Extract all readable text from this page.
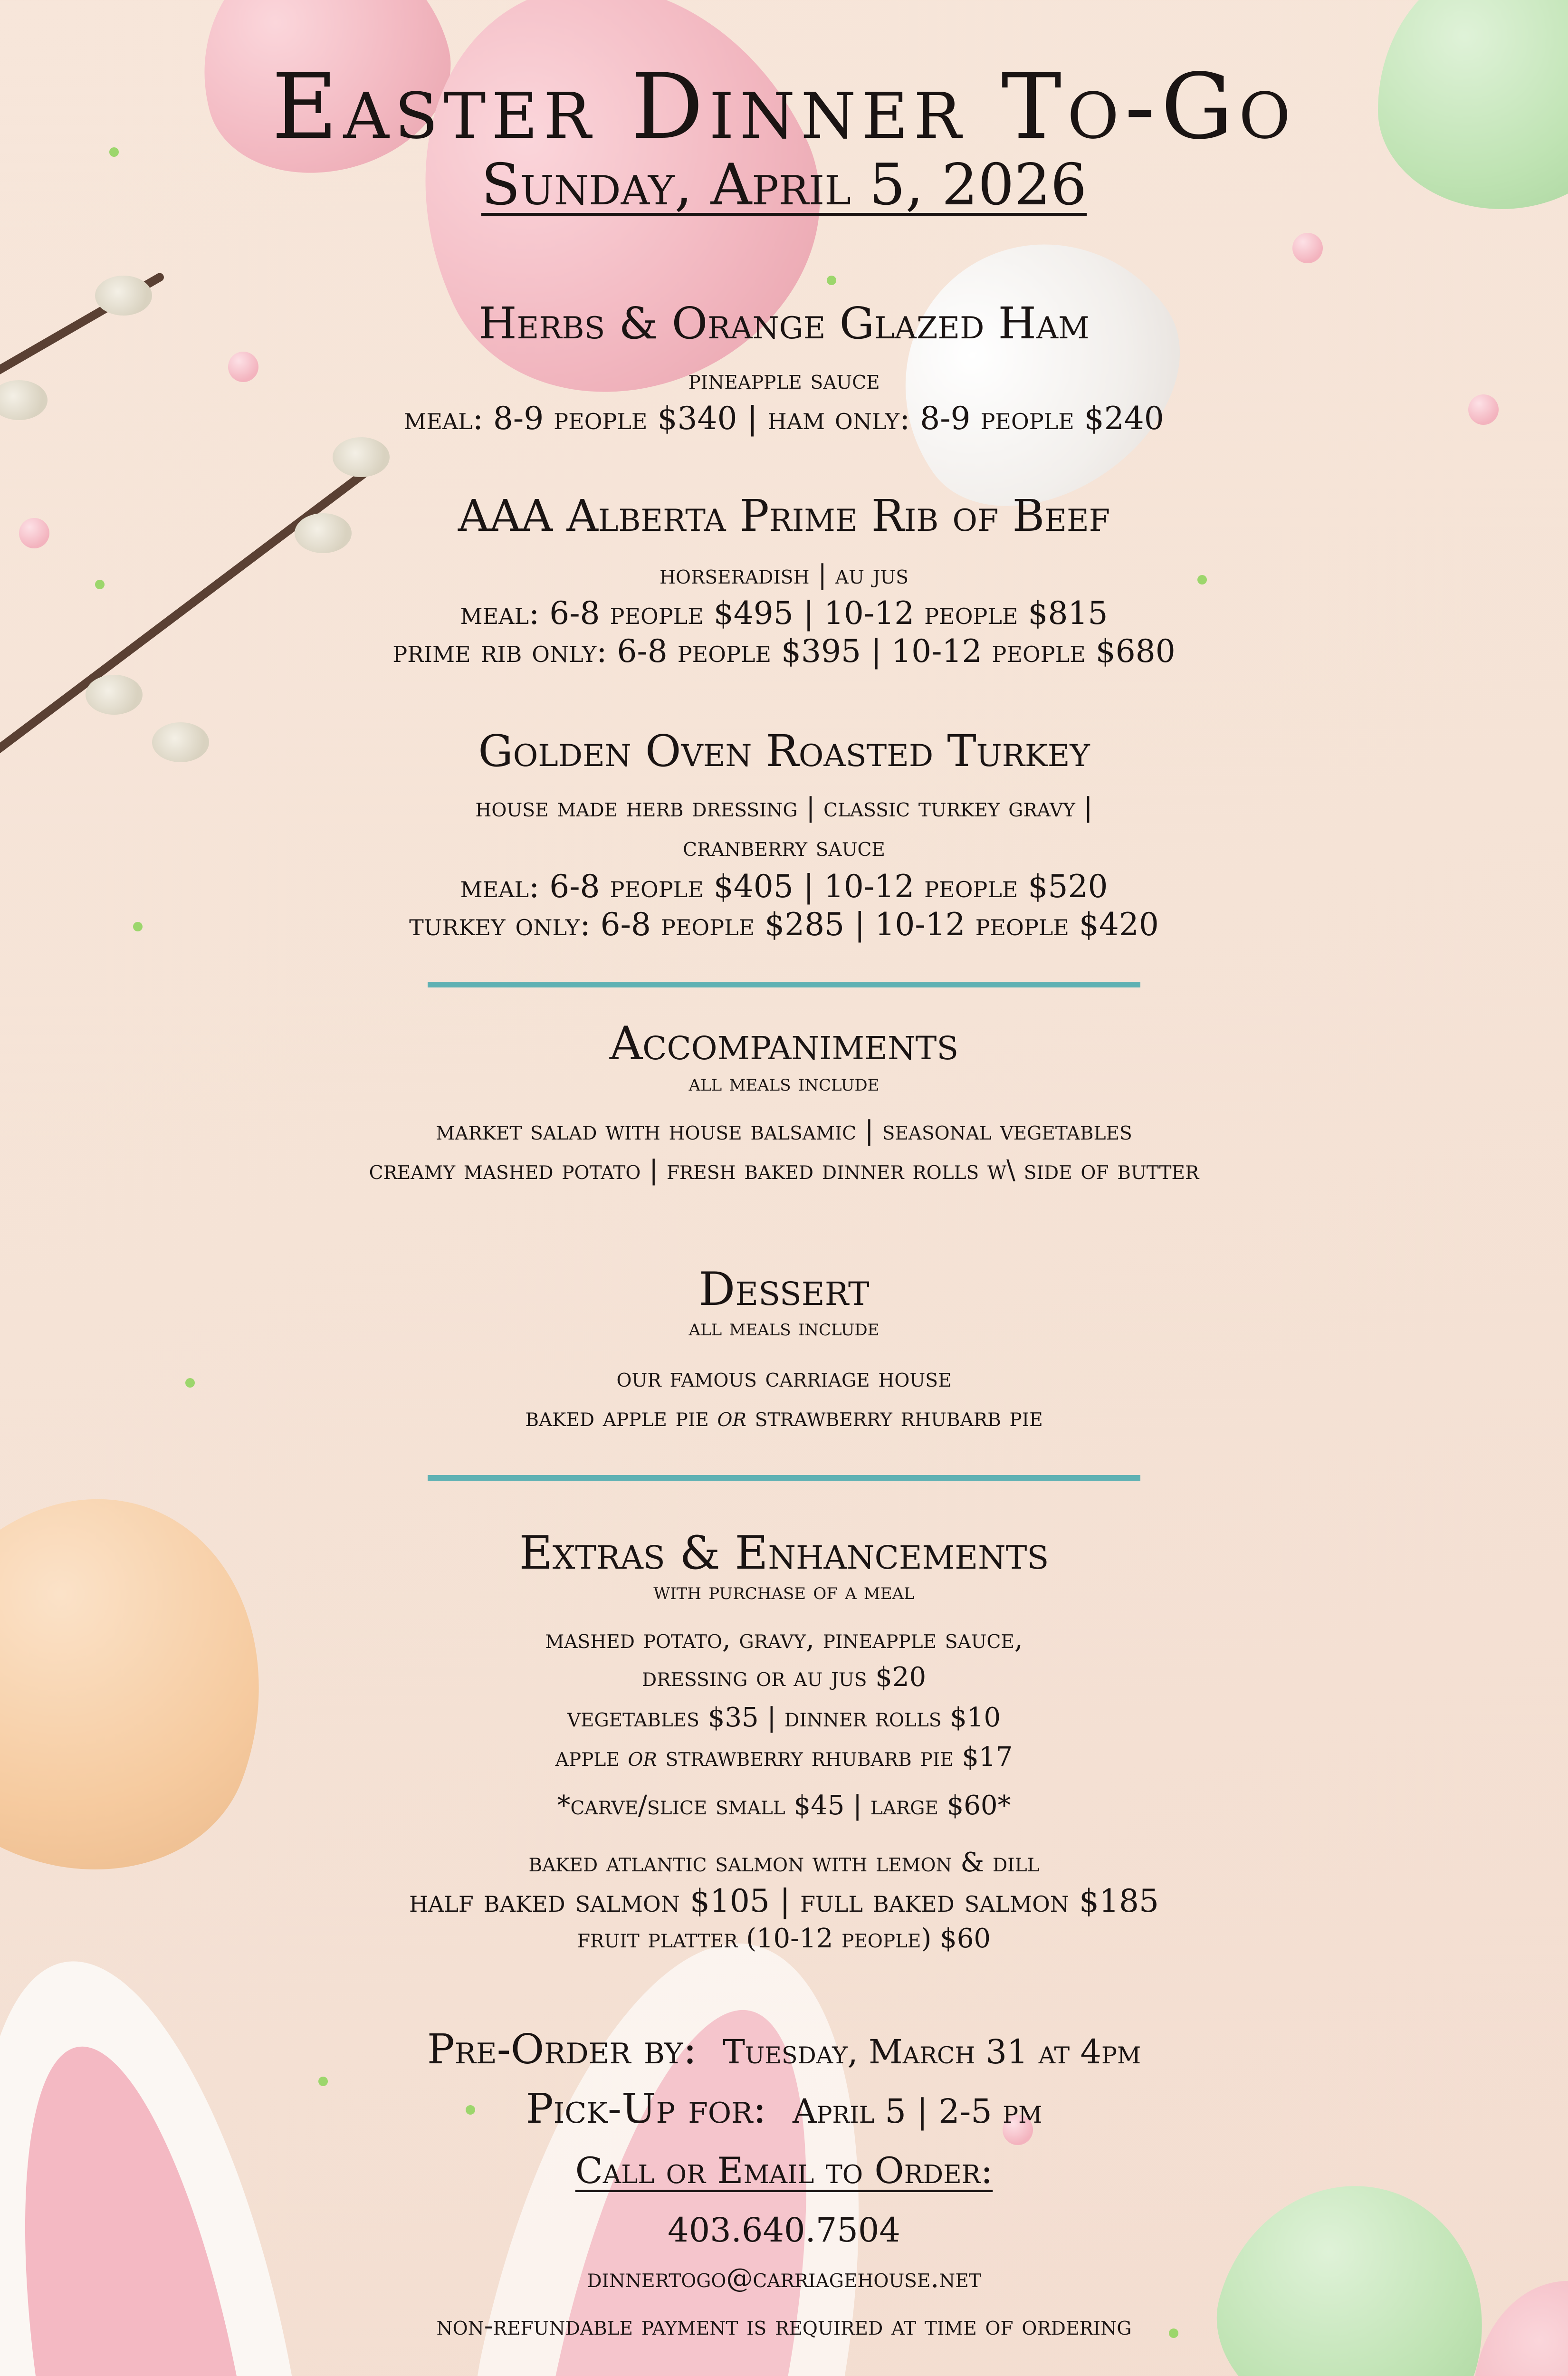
Easter Dinner To-Go
Sunday, April 5, 2026
Herbs & Orange Glazed Ham
pineapple sauce
meal: 8-9 people $340 | ham only: 8-9 people $240
AAA Alberta Prime Rib of Beef
horseradish | au jus
meal: 6-8 people $495 | 10-12 people $815
prime rib only: 6-8 people $395 | 10-12 people $680
Golden Oven Roasted Turkey
house made herb dressing | classic turkey gravy |
cranberry sauce
meal: 6-8 people $405 | 10-12 people $520
turkey only: 6-8 people $285 | 10-12 people $420
Accompaniments
all meals include
market salad with house balsamic | seasonal vegetables
creamy mashed potato | fresh baked dinner rolls w\ side of butter
Dessert
all meals include
our famous carriage house
baked apple pie or strawberry rhubarb pie
Extras & Enhancements
with purchase of a meal
mashed potato, gravy, pineapple sauce,
dressing or au jus $20
vegetables $35 | dinner rolls $10
apple or strawberry rhubarb pie $17
*carve/slice small $45 | large $60*
baked atlantic salmon with lemon & dill
half baked salmon $105 | full baked salmon $185
fruit platter (10-12 people) $60
Pre-Order by: Tuesday, March 31 at 4pm
Pick-Up for: April 5 | 2-5 pm
Call or Email to Order:
403.640.7504
dinnertogo@carriagehouse.net
non-refundable payment is required at time of ordering
